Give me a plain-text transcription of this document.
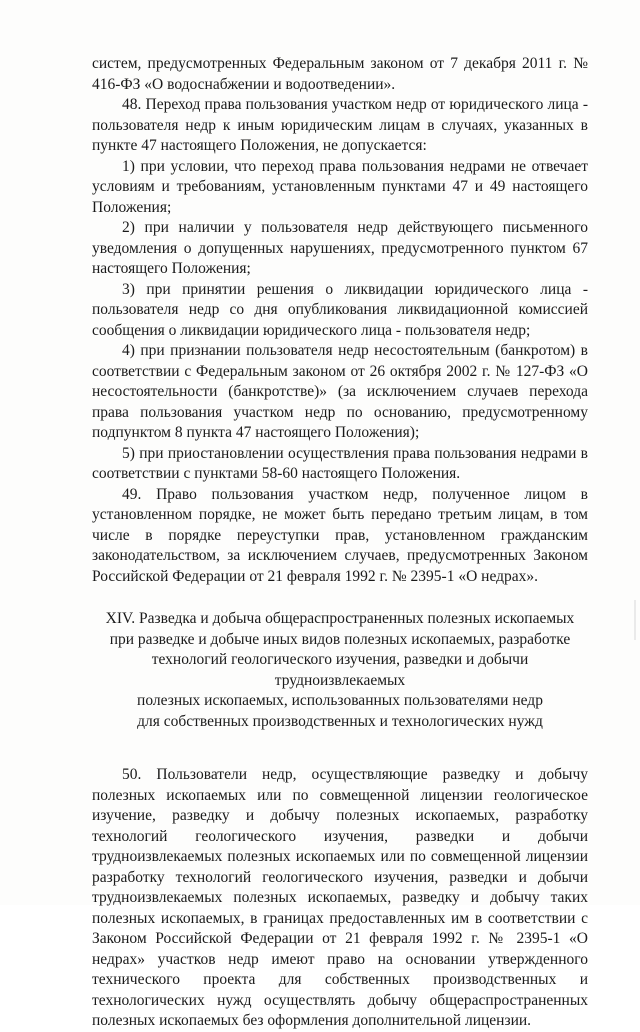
систем, предусмотренных Федеральным законом от 7 декабря 2011 г. № 416-ФЗ «О водоснабжении и водоотведении».

48. Переход права пользования участком недр от юридического лица - пользователя недр к иным юридическим лицам в случаях, указанных в пункте 47 настоящего Положения, не допускается:

1) при условии, что переход права пользования недрами не отвечает условиям и требованиям, установленным пунктами 47 и 49 настоящего Положения;

2) при наличии у пользователя недр действующего письменного уведомления о допущенных нарушениях, предусмотренного пунктом 67 настоящего Положения;

3) при принятии решения о ликвидации юридического лица - пользователя недр со дня опубликования ликвидационной комиссией сообщения о ликвидации юридического лица - пользователя недр;

4) при признании пользователя недр несостоятельным (банкротом) в соответствии с Федеральным законом от 26 октября 2002 г. № 127-ФЗ «О несостоятельности (банкротстве)» (за исключением случаев перехода права пользования участком недр по основанию, предусмотренному подпунктом 8 пункта 47 настоящего Положения);

5) при приостановлении осуществления права пользования недрами в соответствии с пунктами 58-60 настоящего Положения.

49. Право пользования участком недр, полученное лицом в установленном порядке, не может быть передано третьим лицам, в том числе в порядке переуступки прав, установленном гражданским законодательством, за исключением случаев, предусмотренных Законом Российской Федерации от 21 февраля 1992 г. № 2395-1 «О недрах».

XIV. Разведка и добыча общераспространенных полезных ископаемых
при разведке и добыче иных видов полезных ископаемых, разработке
технологий геологического изучения, разведки и добычи трудноизвлекаемых
полезных ископаемых, использованных пользователями недр
для собственных производственных и технологических нужд

50. Пользователи недр, осуществляющие разведку и добычу полезных ископаемых или по совмещенной лицензии геологическое изучение, разведку и добычу полезных ископаемых, разработку технологий геологического изучения, разведки и добычи трудноизвлекаемых полезных ископаемых или по совмещенной лицензии разработку технологий геологического изучения, разведки и добычи трудноизвлекаемых полезных ископаемых, разведку и добычу таких полезных ископаемых, в границах предоставленных им в соответствии с Законом Российской Федерации от 21 февраля 1992 г. № 2395-1 «О недрах» участков недр имеют право на основании утвержденного технического проекта для собственных производственных и технологических нужд осуществлять добычу общераспространенных полезных ископаемых без оформления дополнительной лицензии.
